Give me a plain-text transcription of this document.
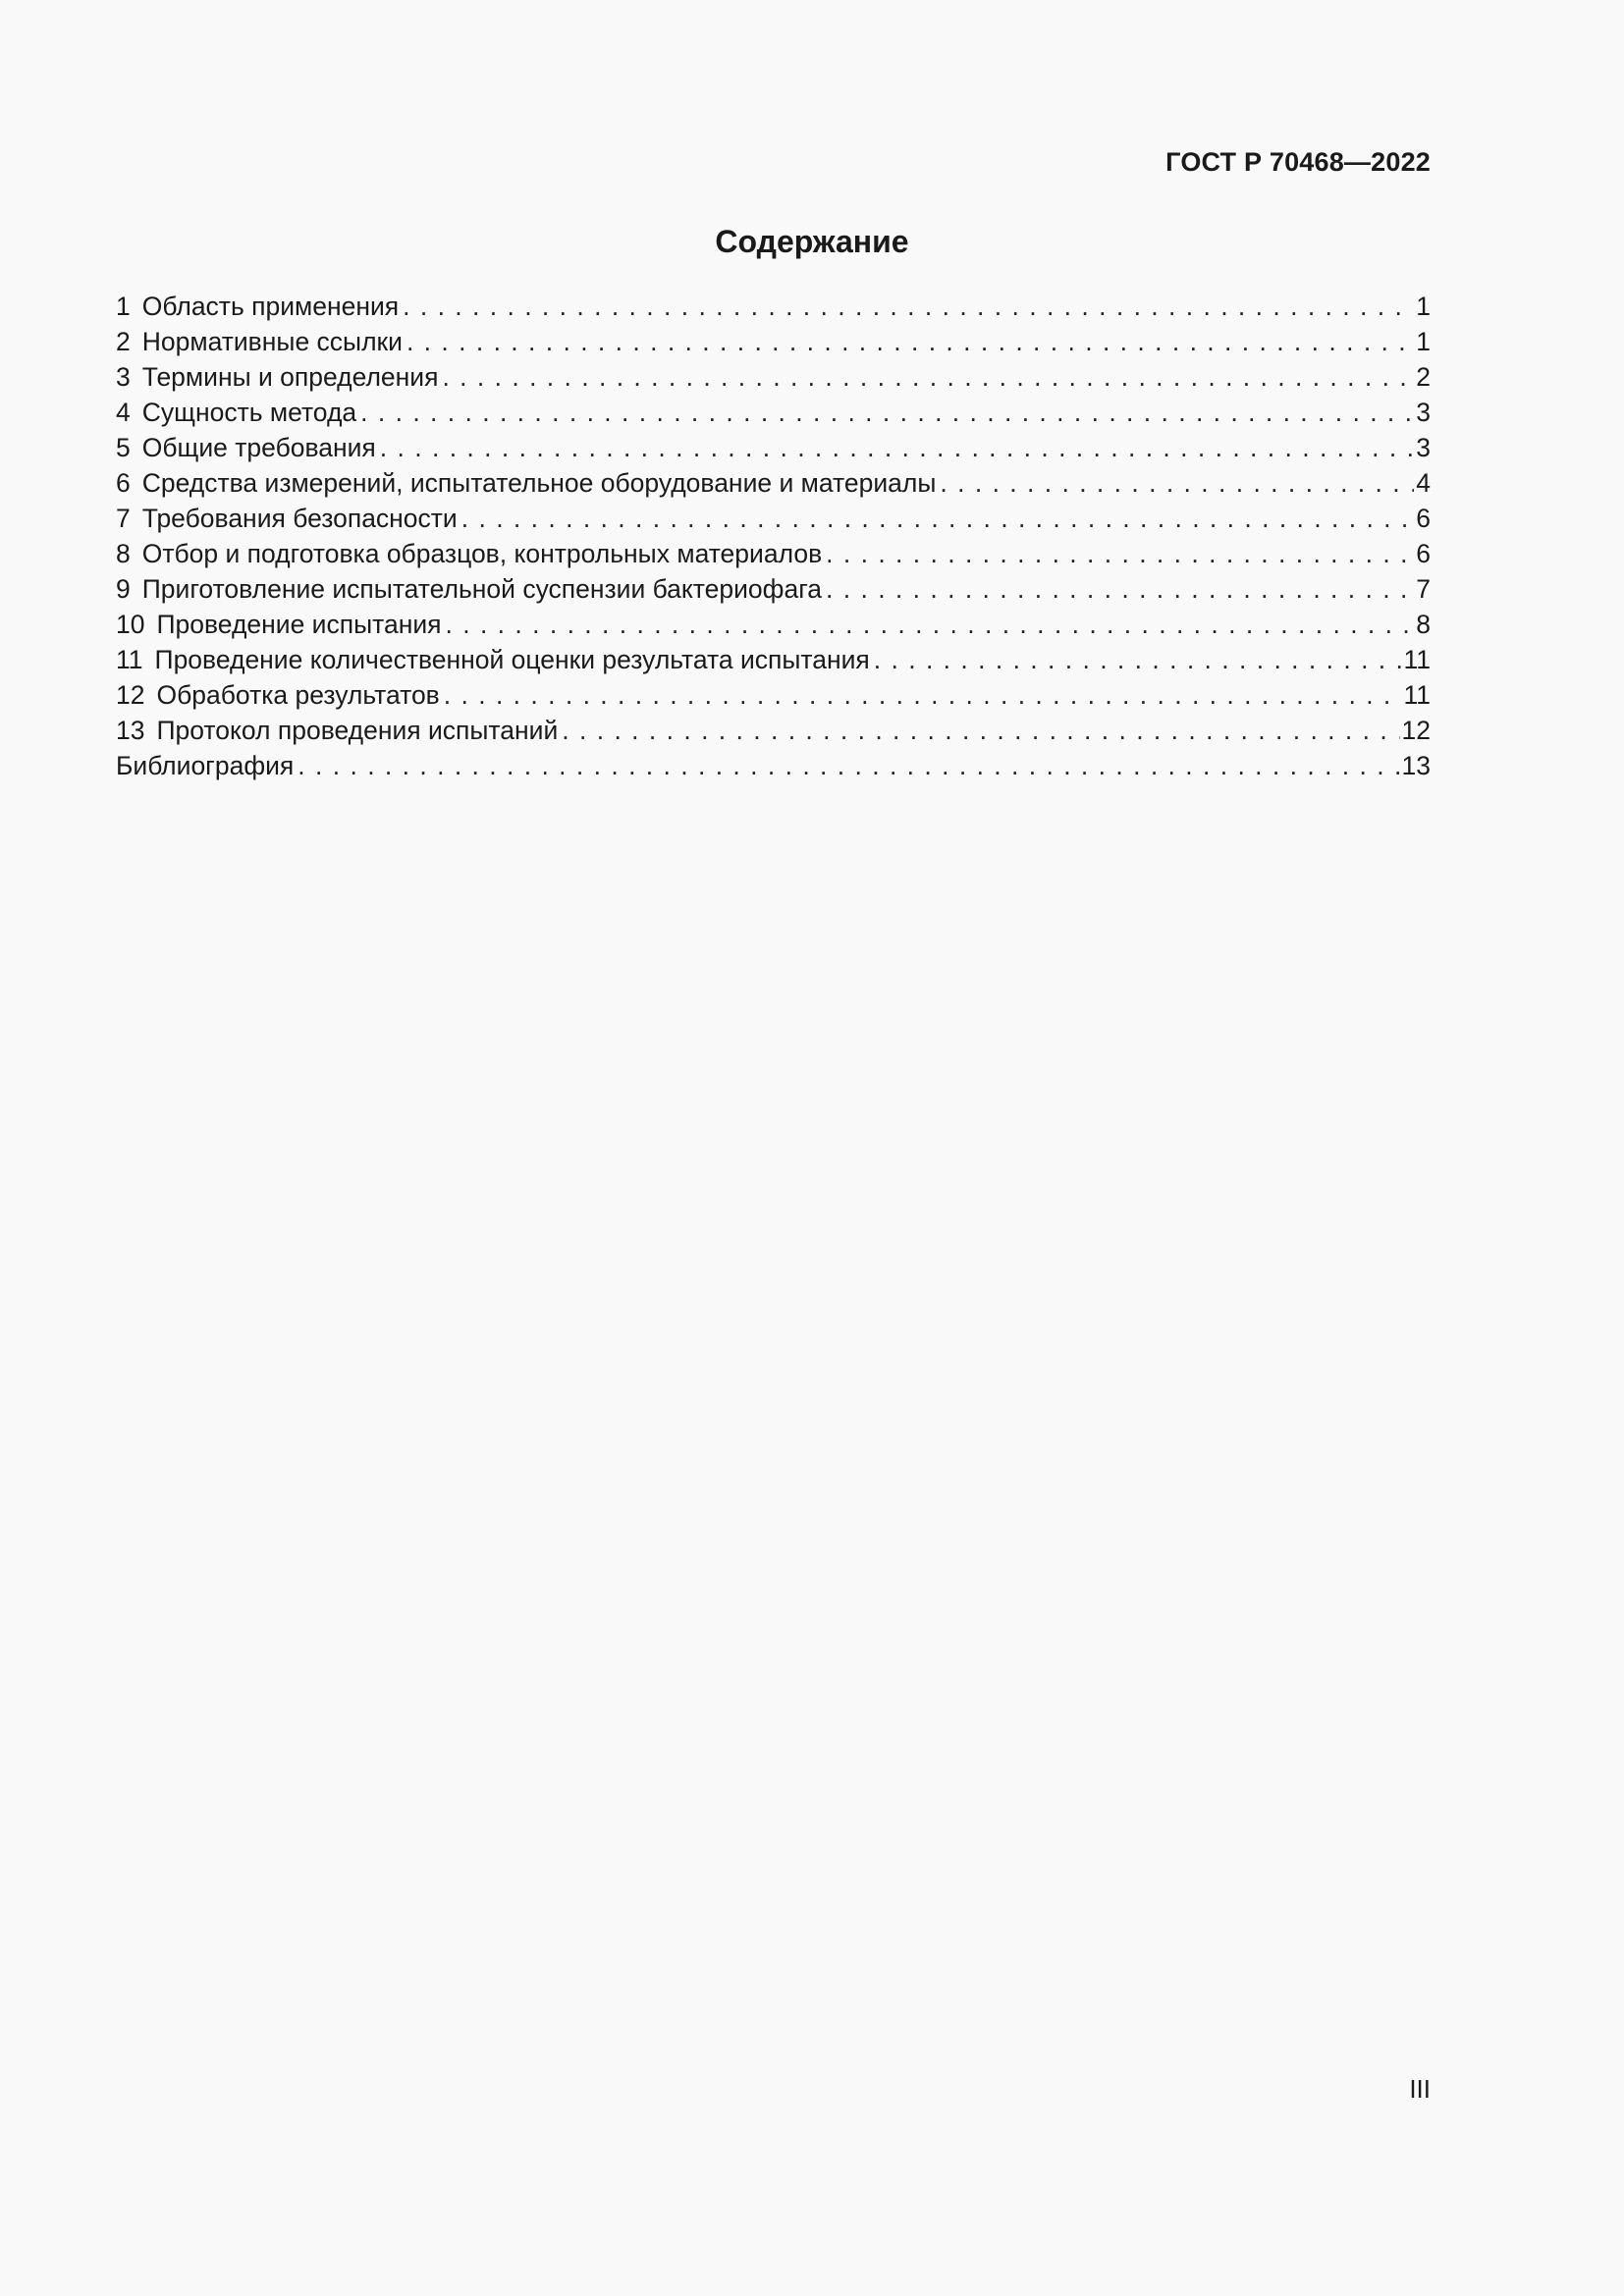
ГОСТ Р 70468—2022
Содержание
1 Область применения . . .	1
2 Нормативные ссылки . . .	1
3 Термины и определения . . .	2
4 Сущность метода . . .	3
5 Общие требования . . .	3
6 Средства измерений, испытательное оборудование и материалы . . .	4
7 Требования безопасности . . .	6
8 Отбор и подготовка образцов, контрольных материалов . . .	6
9 Приготовление испытательной суспензии бактериофага . . .	7
10 Проведение испытания . . .	8
11 Проведение количественной оценки результата испытания . . .	11
12 Обработка результатов . . .	11
13 Протокол проведения испытаний . . .	12
Библиография . . .	13
III
